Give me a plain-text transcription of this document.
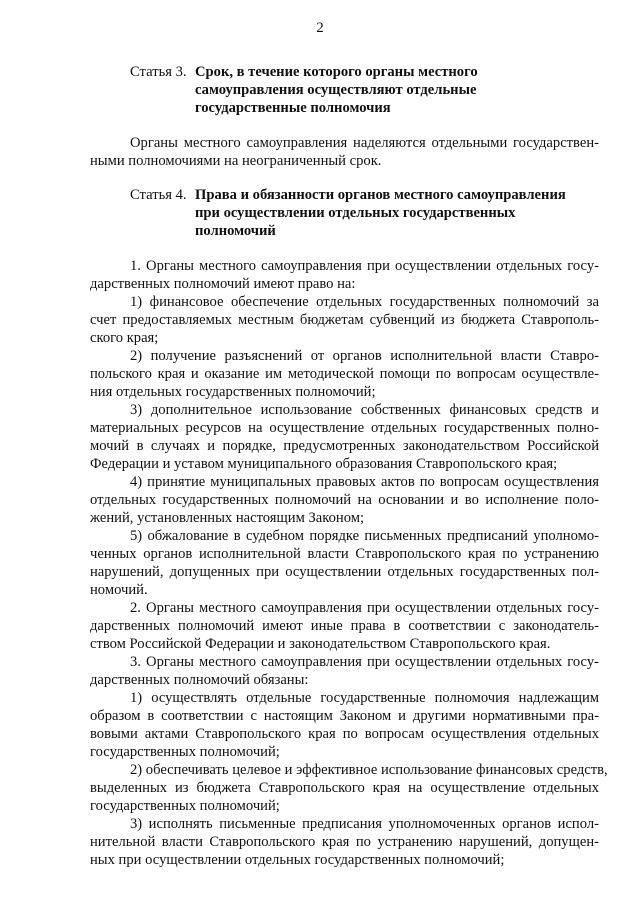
2
Статья 3. Срок, в течение которого органы местного
самоуправления осуществляют отдельные
государственные полномочия
Органы местного самоуправления наделяются отдельными государствен-
ными полномочиями на неограниченный срок.
Статья 4. Права и обязанности органов местного самоуправления
при осуществлении отдельных государственных
полномочий
1. Органы местного самоуправления при осуществлении отдельных госу-
дарственных полномочий имеют право на:
1) финансовое обеспечение отдельных государственных полномочий за
счет предоставляемых местным бюджетам субвенций из бюджета Ставрополь-
ского края;
2) получение разъяснений от органов исполнительной власти Ставро-
польского края и оказание им методической помощи по вопросам осуществле-
ния отдельных государственных полномочий;
3) дополнительное использование собственных финансовых средств и
материальных ресурсов на осуществление отдельных государственных полно-
мочий в случаях и порядке, предусмотренных законодательством Российской
Федерации и уставом муниципального образования Ставропольского края;
4) принятие муниципальных правовых актов по вопросам осуществления
отдельных государственных полномочий на основании и во исполнение поло-
жений, установленных настоящим Законом;
5) обжалование в судебном порядке письменных предписаний уполномо-
ченных органов исполнительной власти Ставропольского края по устранению
нарушений, допущенных при осуществлении отдельных государственных пол-
номочий.
2. Органы местного самоуправления при осуществлении отдельных госу-
дарственных полномочий имеют иные права в соответствии с законодатель-
ством Российской Федерации и законодательством Ставропольского края.
3. Органы местного самоуправления при осуществлении отдельных госу-
дарственных полномочий обязаны:
1) осуществлять отдельные государственные полномочия надлежащим
образом в соответствии с настоящим Законом и другими нормативными пра-
вовыми актами Ставропольского края по вопросам осуществления отдельных
государственных полномочий;
2) обеспечивать целевое и эффективное использование финансовых средств,
выделенных из бюджета Ставропольского края на осуществление отдельных
государственных полномочий;
3) исполнять письменные предписания уполномоченных органов испол-
нительной власти Ставропольского края по устранению нарушений, допущен-
ных при осуществлении отдельных государственных полномочий;
